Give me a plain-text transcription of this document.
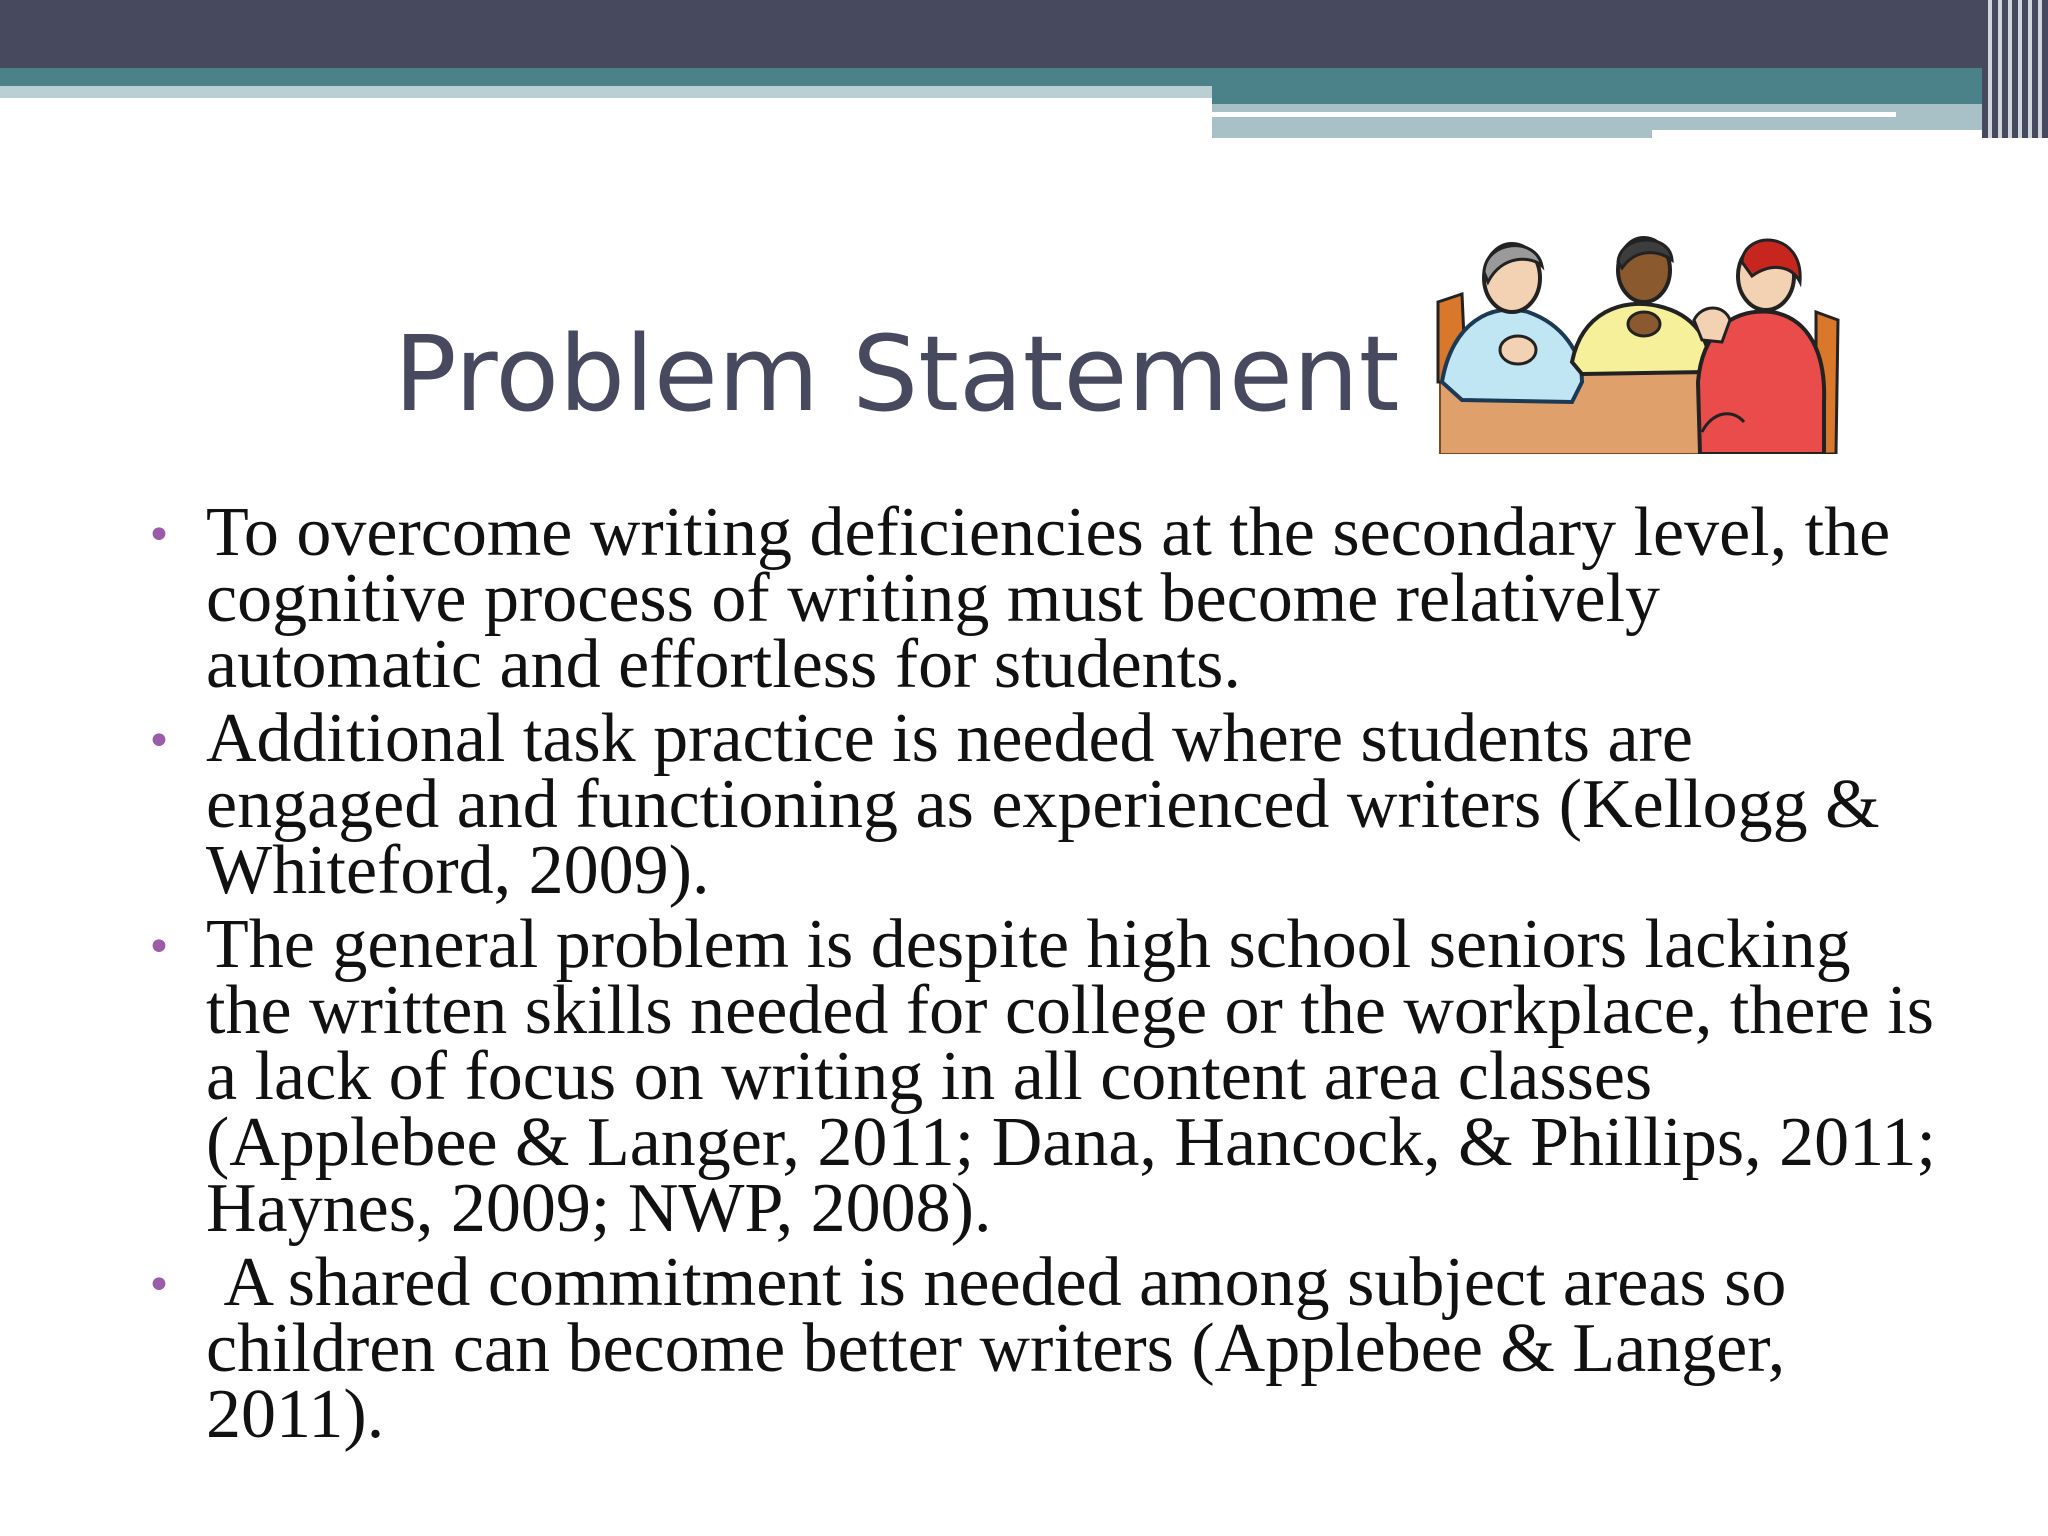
Problem Statement
• To overcome writing deficiencies at the secondary level, the cognitive process of writing must become relatively automatic and effortless for students.
• Additional task practice is needed where students are engaged and functioning as experienced writers (Kellogg & Whiteford, 2009).
• The general problem is despite high school seniors lacking the written skills needed for college or the workplace, there is a lack of focus on writing in all content area classes (Applebee & Langer, 2011; Dana, Hancock, & Phillips, 2011; Haynes, 2009; NWP, 2008).
• A shared commitment is needed among subject areas so children can become better writers (Applebee & Langer, 2011).
